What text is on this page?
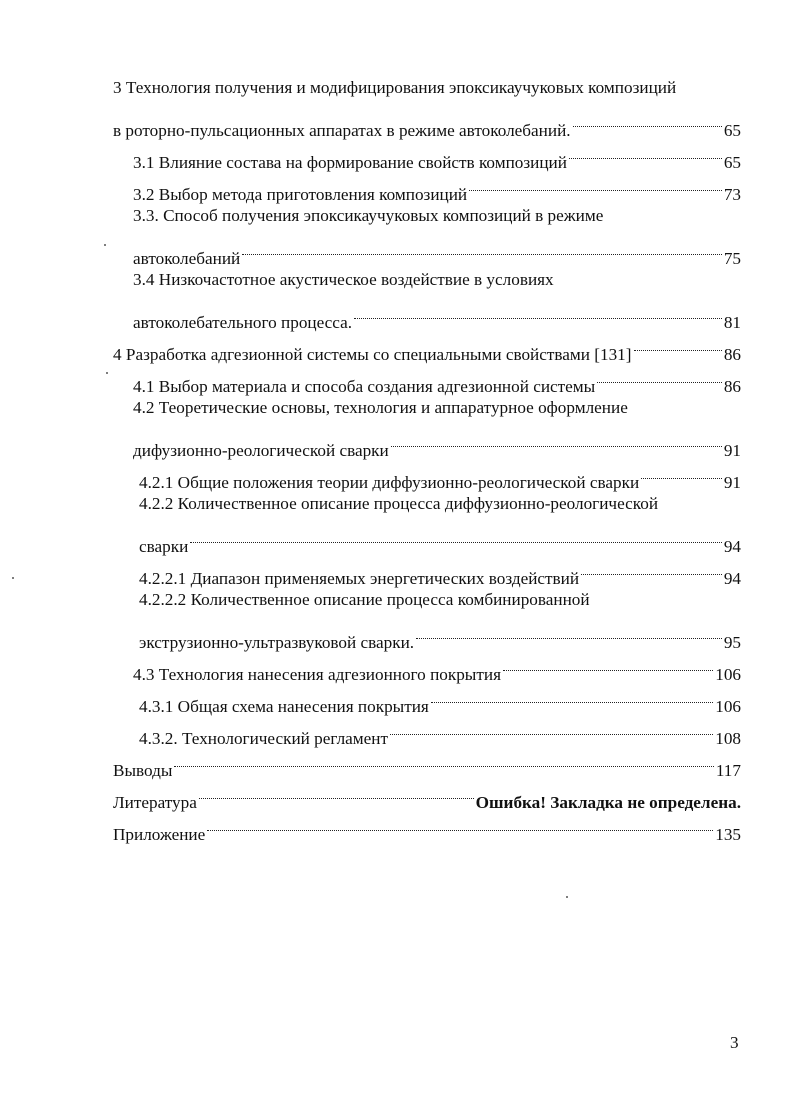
3 Технология получения и модифицирования эпоксикаучуковых композиций
в роторно-пульсационных аппаратах в режиме автоколебаний.	65
3.1 Влияние состава на формирование свойств композиций	65
3.2 Выбор метода приготовления композиций	73
3.3. Способ получения эпоксикаучуковых композиций в режиме
автоколебаний	75
3.4 Низкочастотное акустическое воздействие в условиях
автоколебательного процесса.	81
4 Разработка адгезионной системы со специальными свойствами [131]	86
4.1 Выбор материала и способа создания адгезионной системы	86
4.2 Теоретические основы, технология и аппаратурное оформление
дифузионно-реологической сварки	91
4.2.1 Общие положения теории диффузионно-реологической сварки	91
4.2.2 Количественное описание процесса диффузионно-реологической
сварки	94
4.2.2.1 Диапазон применяемых энергетических воздействий	94
4.2.2.2 Количественное описание процесса комбинированной
экструзионно-ультразвуковой сварки.	95
4.3 Технология нанесения адгезионного покрытия	106
4.3.1 Общая схема нанесения покрытия	106
4.3.2. Технологический регламент	108
Выводы	117
Литература	Ошибка! Закладка не определена.
Приложение	135
3
